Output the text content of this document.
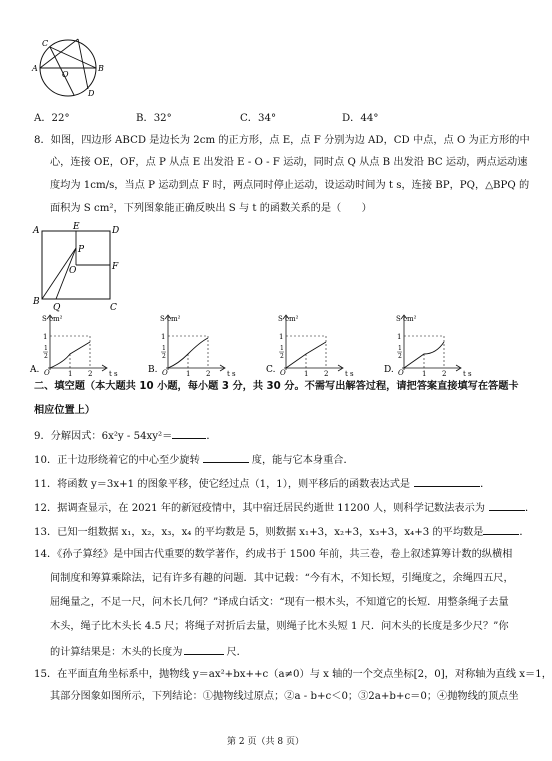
C
A
O
B
D
A．22°	B．32°	C．34°	D．44°
8．如图，四边形 ABCD 是边长为 2cm 的正方形，点 E，点 F 分别为边 AD，CD 中点，点 O 为正方形的中
心，连接 OE，OF，点 P 从点 E 出发沿 E - O - F 运动，同时点 Q 从点 B 出发沿 BC 运动，两点运动速
度均为 1cm/s，当点 P 运动到点 F 时，两点同时停止运动，设运动时间为 t s，连接 BP，PQ，△BPQ 的
面积为 S cm²，下列图象能正确反映出 S 与 t 的函数关系的是（　　）
A	E	D
P
O	F
B
Q	C
A.
S cm²
1
1
2
O	1 2 t s	B.
S cm²
1
1
2
O	1 2 t s	C.
S cm²
1
1
2
O	1 2 t s	D.
S cm²
1
1
2
O	1 2 t s
二、填空题（本大题共 10 小题，每小题 3 分，共 30 分。不需写出解答过程，请把答案直接填写在答题卡
相应位置上）
9．分解因式：6x²y - 54xy²＝	．
10．正十边形绕着它的中心至少旋转	度，能与它本身重合．
11．将函数 y＝3x+1 的图象平移，使它经过点（1，1），则平移后的函数表达式是	．
12．据调查显示，在 2021 年的新冠疫情中，其中宿迁居民约逝世 11200 人，则科学记数法表示为	．
13．已知一组数据 x₁，x₂，x₃，x₄ 的平均数是 5，则数据 x₁+3，x₂+3，x₃+3，x₄+3 的平均数是	．
14．《孙子算经》是中国古代重要的数学著作，约成书于 1500 年前，共三卷，卷上叙述算筹计数的纵横相
间制度和筹算乘除法，记有许多有趣的问题．其中记载：“今有木，不知长短，引绳度之，余绳四五尺，
屈绳量之，不足一尺，问木长几何？”译成白话文：“现有一根木头，不知道它的长短．用整条绳子去量
木头，绳子比木头长 4.5 尺；将绳子对折后去量，则绳子比木头短 1 尺．问木头的长度是多少尺？”你
的计算结果是：木头的长度为	尺．
15．在平面直角坐标系中，抛物线 y＝ax²+bx++c（a≠0）与 x 轴的一个交点坐标[2，0]，对称轴为直线 x＝1，
其部分图象如图所示，下列结论：①抛物线过原点；②a - b+c＜0；③2a+b+c＝0；④抛物线的顶点坐
第 2 页（共 8 页）
